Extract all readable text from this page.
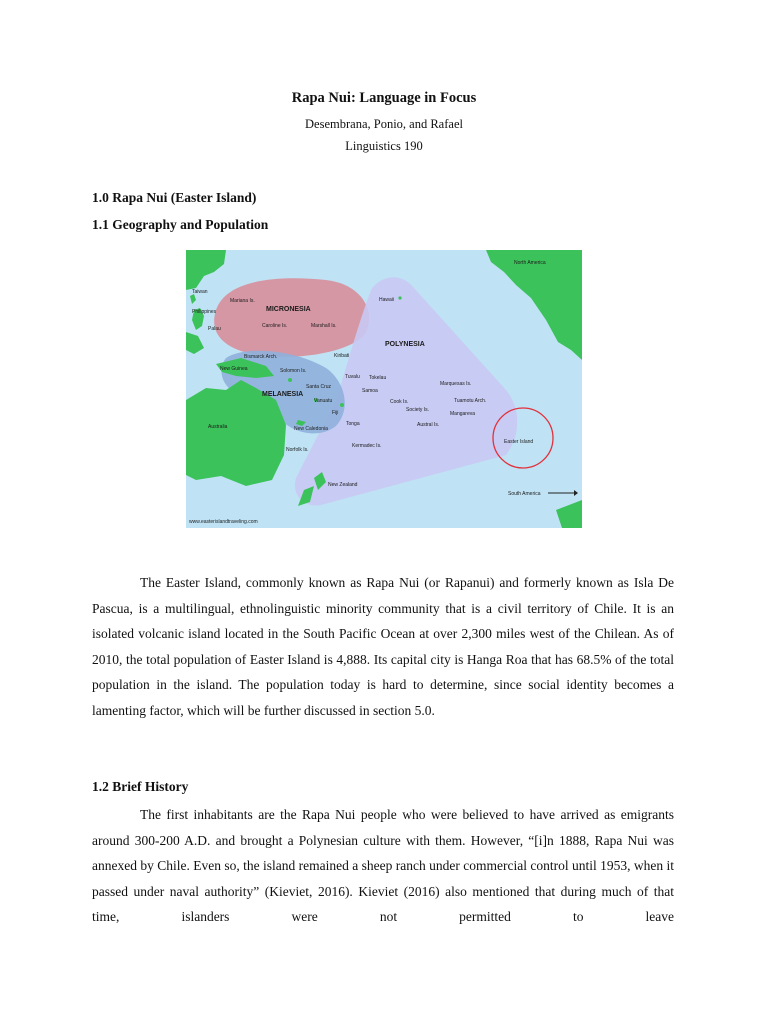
Rapa Nui: Language in Focus
Desembrana, Ponio, and Rafael
Linguistics 190
1.0 Rapa Nui (Easter Island)
1.1 Geography and Population
North America
Taiwan
Philippines
Mariana Is.
MICRONESIA
Palau	Caroline Is.	Marshall Is.
Hawaii
POLYNESIA
Kiribati
Bismarck Arch.
New Guinea	Solomon Is.
Tuvalu Tokelau
Marquesas Is.
Santa Cruz
Samoa
MELANESIA
Vanuatu	Cook Is.	Tuamotu Arch.
Society Is.
Fiji	Mangareva
Australia	Tonga	Austral Is.
New Caledonia
Easter Island
Kermadec Is.
Norfolk Is.
New Zealand
South America
www.easterislandtraveling.com

The Easter Island, commonly known as Rapa Nui (or Rapanui) and formerly known as Isla De Pascua, is a multilingual, ethnolinguistic minority community that is a civil territory of Chile. It is an isolated volcanic island located in the South Pacific Ocean at over 2,300 miles west of the Chilean. As of 2010, the total population of Easter Island is 4,888. Its capital city is Hanga Roa that has 68.5% of the total population in the island. The population today is hard to determine, since social identity becomes a lamenting factor, which will be further discussed in section 5.0.

1.2 Brief History

The first inhabitants are the Rapa Nui people who were believed to have arrived as emigrants around 300-200 A.D. and brought a Polynesian culture with them. However, “[i]n 1888, Rapa Nui was annexed by Chile. Even so, the island remained a sheep ranch under commercial control until 1953, when it passed under naval authority” (Kieviet, 2016). Kieviet (2016) also mentioned that during much of that time, islanders were not permitted to leave
